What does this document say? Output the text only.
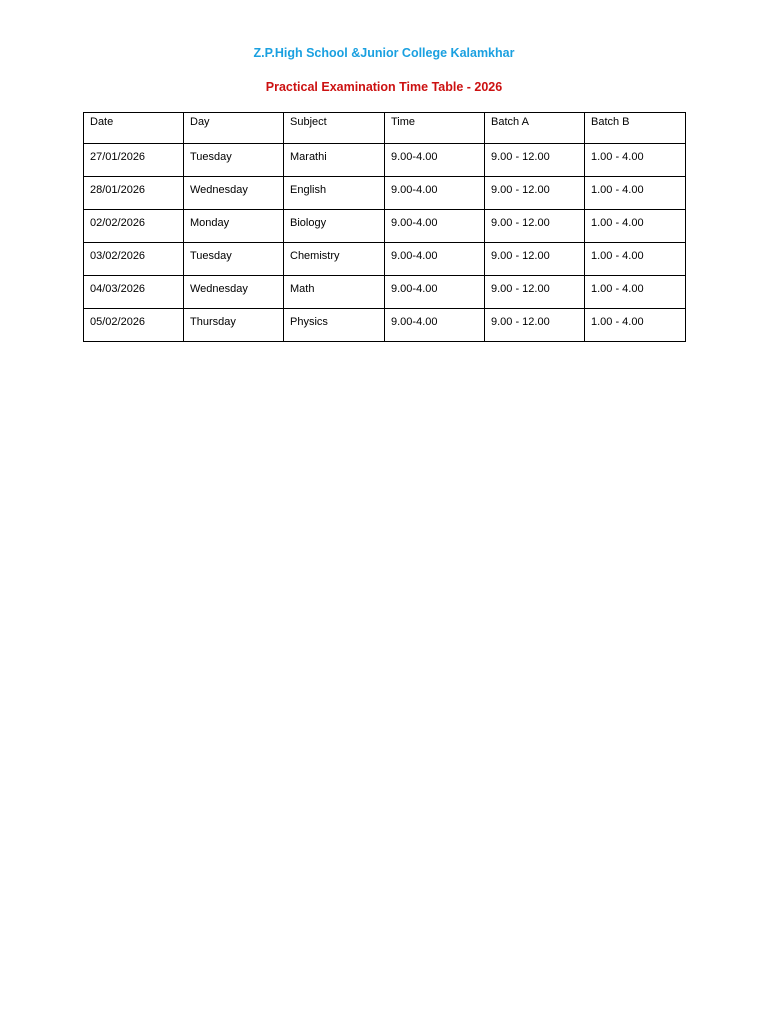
Z.P.High School &Junior College Kalamkhar
Practical Examination Time Table - 2026
Date	Day	Subject	Time	Batch A	Batch B
27/01/2026	Tuesday	Marathi	9.00-4.00	9.00 - 12.00	1.00 - 4.00
28/01/2026	Wednesday	English	9.00-4.00	9.00 - 12.00	1.00 - 4.00
02/02/2026	Monday	Biology	9.00-4.00	9.00 - 12.00	1.00 - 4.00
03/02/2026	Tuesday	Chemistry	9.00-4.00	9.00 - 12.00	1.00 - 4.00
04/03/2026	Wednesday	Math	9.00-4.00	9.00 - 12.00	1.00 - 4.00
05/02/2026	Thursday	Physics	9.00-4.00	9.00 - 12.00	1.00 - 4.00
